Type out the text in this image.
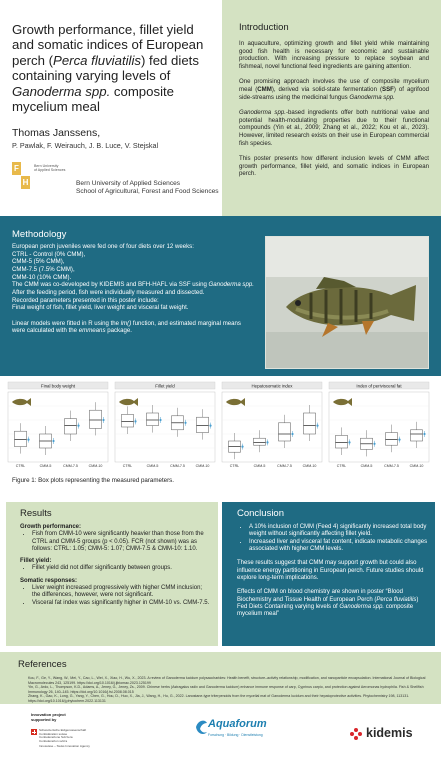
Growth performance, fillet yield and somatic indices of European perch (Perca fluviatilis) fed diets containing varying levels of Ganoderma spp. composite mycelium meal
Thomas Janssens,
P. Pawlak, F. Weirauch, J. B. Luce, V. Stejskal
F
H
Bern University
of Applied Sciences
Bern University of Applied Sciences
School of Agricultural, Forest and Food Sciences
Introduction

In aquaculture, optimizing growth and fillet yield while maintaining good fish health is necessary for economic and sustainable production. With increasing pressure to replace soybean and fishmeal, novel functional feed ingredients are gaining attention.

One promising approach involves the use of composite mycelium meal (CMM), derived via solid-state fermentation (SSF) of agrifood side-streams using the medicinal fungus Ganoderma spp.

Ganoderma spp.-based ingredients offer both nutritional value and potential health-modulating properties due to their functional compounds (Yin et al., 2009; Zhang et al., 2022; Kou et al., 2023). However, limited research exists on their use in European commercial fish species.

This poster presents how different inclusion levels of CMM affect growth performance, fillet yield, and somatic indices in European perch.

Methodology
European perch juveniles were fed one of four diets over 12 weeks:
CTRL - Control (0% CMM),
CMM-5 (5% CMM),
CMM-7.5 (7.5% CMM),
CMM-10 (10% CMM).
The CMM was co-developed by KIDEMIS and BFH-HAFL via SSF using Ganoderma spp.
After the feeding period, fish were individually measured and dissected.
Recorded parameters presented in this poster include:
Final weight of fish, fillet yield, liver weight and visceral fat weight.
Linear models were fitted in R using the lm() function, and estimated marginal means were calculated with the emmeans package.
Final body weight
CTRL	CMM-5	CMM-7.5	CMM-10
Fillet yield
CTRL	CMM-5	CMM-7.5	CMM-10
Hepatosomatic index
CTRL	CMM-5	CMM-7.5	CMM-10
Index of perivisceral fat
CTRL	CMM-5	CMM-7.5	CMM-10
Figure 1: Box plots representing the measured parameters.
Results
Growth performance:
• Fish from CMM-10 were significantly heavier than those from the CTRL and CMM-5 groups (p < 0.05). FCR (not shown) was as follows: CTRL: 1.05; CMM-5: 1.07; CMM-7.5 & CMM-10: 1.10.
Fillet yield:
• Fillet yield did not differ significantly between groups.
Somatic responses:
• Liver weight increased progressively with higher CMM inclusion; the differences, however, were not significant.
• Visceral fat index was significantly higher in CMM-10 vs. CMM-7.5.
Conclusion
• A 10% inclusion of CMM (Feed 4) significantly increased total body weight without significantly affecting fillet yield.
• Increased liver and visceral fat content, indicate metabolic changes associated with higher CMM levels.

These results suggest that CMM may support growth but could also influence energy partitioning in European perch. Future studies should explore long-term implications.

Effects of CMM on blood chemistry are shown in poster “Blood Biochemistry and Tissue Health of European Perch (Perca fluviatilis) Fed Diets Containing varying levels of Ganoderma spp. composite mycelium meal”

References
Kou, F., Ge, Y., Wang, W., Mei, Y., Cao, L., Wei, X., Xiao, H., Wu, X., 2023. A review of Ganoderma lucidum polysaccharides: Health benefit, structure–activity relationship, modification, and nanoparticle encapsulation. International Journal of Biological Macromolecules 243, 125199. https://doi.org/10.1016/j.ijbiomac.2023.125199
Yin, G., Ardo, L., Thompson, K.D., Adams, A., Jeney, G., Jeney, Zs., 2009. Chinese herbs (Astragalus radix and Ganoderma lucidum) enhance immune response of carp, Cyprinus carpio, and protection against Aeromonas hydrophila. Fish & Shellfish Immunology 26, 140–145. https://doi.org/10.1016/j.fsi.2008.08.015
Zhang, K., Gao, K., Long, G., Yang, Y., Chen, G., Hou, D., Huo, X., Jia, J., Wang, H., Hu, G., 2022. Lanostane-type triterpenoids from the mycelial mat of Ganoderma lucidum and their hepatoprotective activities. Phytochemistry 198, 113131. https://doi.org/10.1016/j.phytochem.2022.113131
Innovation project
supported by
Schweizerische Eidgenossenschaft
Confédération suisse
Confederazione Svizzera
Confederaziun svizra
Innosuisse – Swiss Innovation Agency
Aquaforum
Forschung · Bildung · Dienstleistung	kidemis
